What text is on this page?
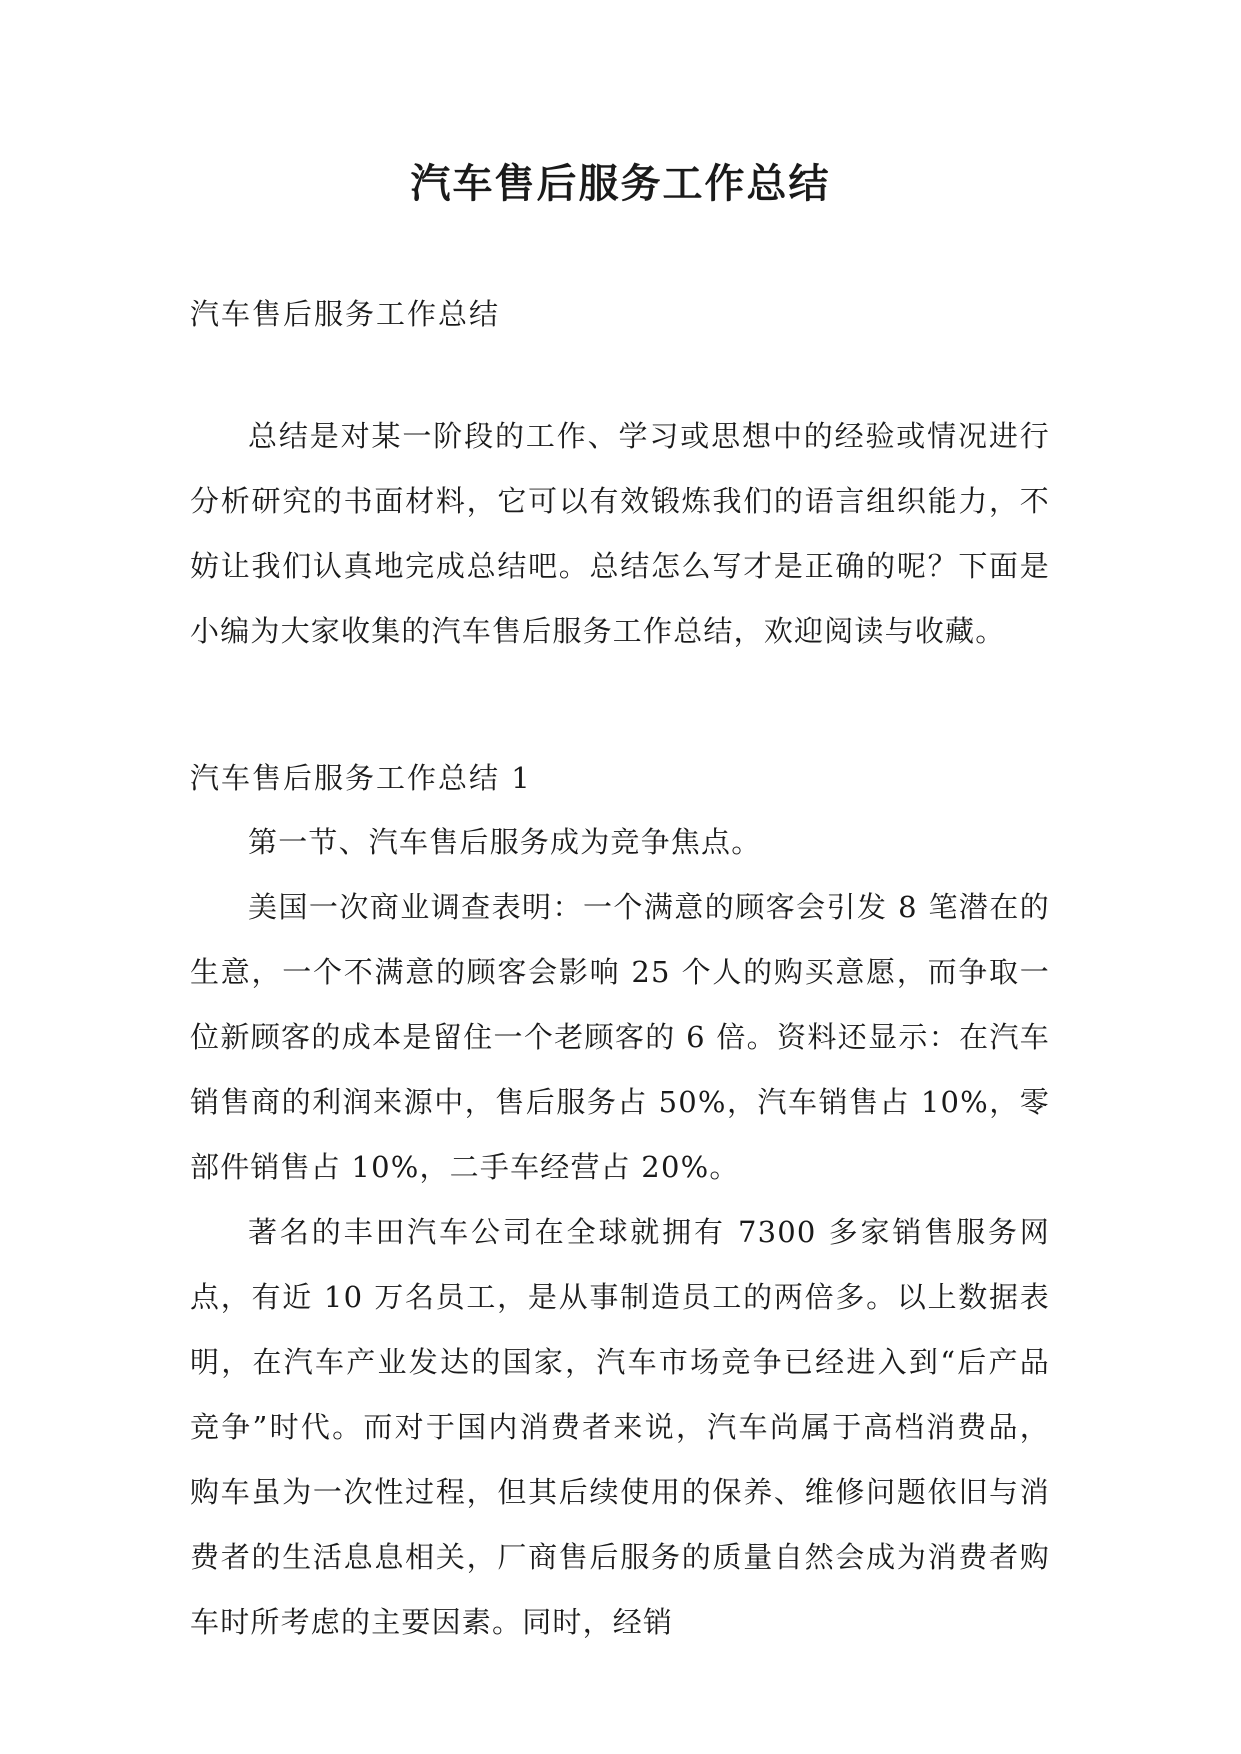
汽车售后服务工作总结

汽车售后服务工作总结

总结是对某一阶段的工作、学习或思想中的经验或情况进行分析研究的书面材料，它可以有效锻炼我们的语言组织能力，不妨让我们认真地完成总结吧。总结怎么写才是正确的呢？下面是小编为大家收集的汽车售后服务工作总结，欢迎阅读与收藏。

汽车售后服务工作总结 1

第一节、汽车售后服务成为竞争焦点。

美国一次商业调查表明：一个满意的顾客会引发 8 笔潜在的生意，一个不满意的顾客会影响 25 个人的购买意愿，而争取一位新顾客的成本是留住一个老顾客的 6 倍。资料还显示：在汽车销售商的利润来源中，售后服务占 50%，汽车销售占 10%，零部件销售占 10%，二手车经营占 20%。

著名的丰田汽车公司在全球就拥有 7300 多家销售服务网点，有近 10 万名员工，是从事制造员工的两倍多。以上数据表明，在汽车产业发达的国家，汽车市场竞争已经进入到“后产品竞争”时代。而对于国内消费者来说，汽车尚属于高档消费品，购车虽为一次性过程，但其后续使用的保养、维修问题依旧与消费者的生活息息相关，厂商售后服务的质量自然会成为消费者购车时所考虑的主要因素。同时，经销
